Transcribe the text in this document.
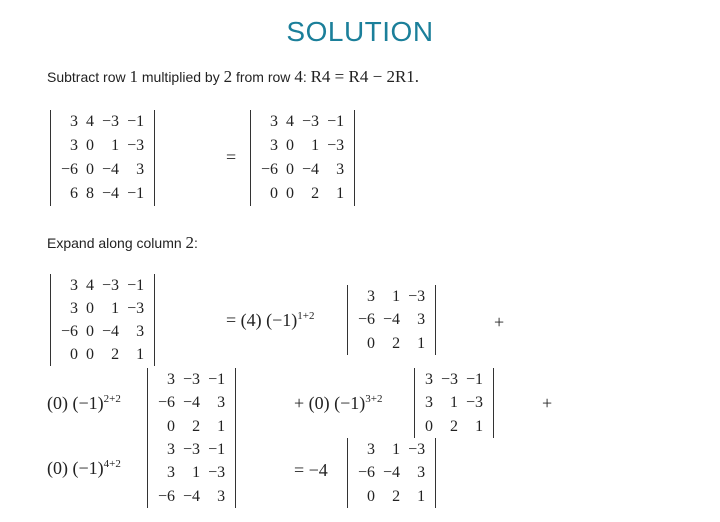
SOLUTION
Subtract row 1 multiplied by 2 from row 4: R4 = R4 − 2R1.
3	4	−3	−1
3	0	1	−3
−6	0	−4	3
6	8	−4	−1
=
3	4	−3	−1
3	0	1	−3
−6	0	−4	3
0	0	2	1
Expand along column 2:
3	4	−3	−1
3	0	1	−3
−6	0	−4	3
0	0	2	1
= (4) $(-1)^{1+2}$
3	1	−3
−6	−4	3
0	2	1
+
(0) $(-1)^{2+2}$
3	−3	−1
−6	−4	3
0	2	1
+ (0) $(-1)^{3+2}$
3	−3	−1
3	1	−3
0	2	1
+
(0) $(-1)^{4+2}$
3	−3	−1
3	1	−3
−6	−4	3
= −4
3	1	−3
−6	−4	3
0	2	1
